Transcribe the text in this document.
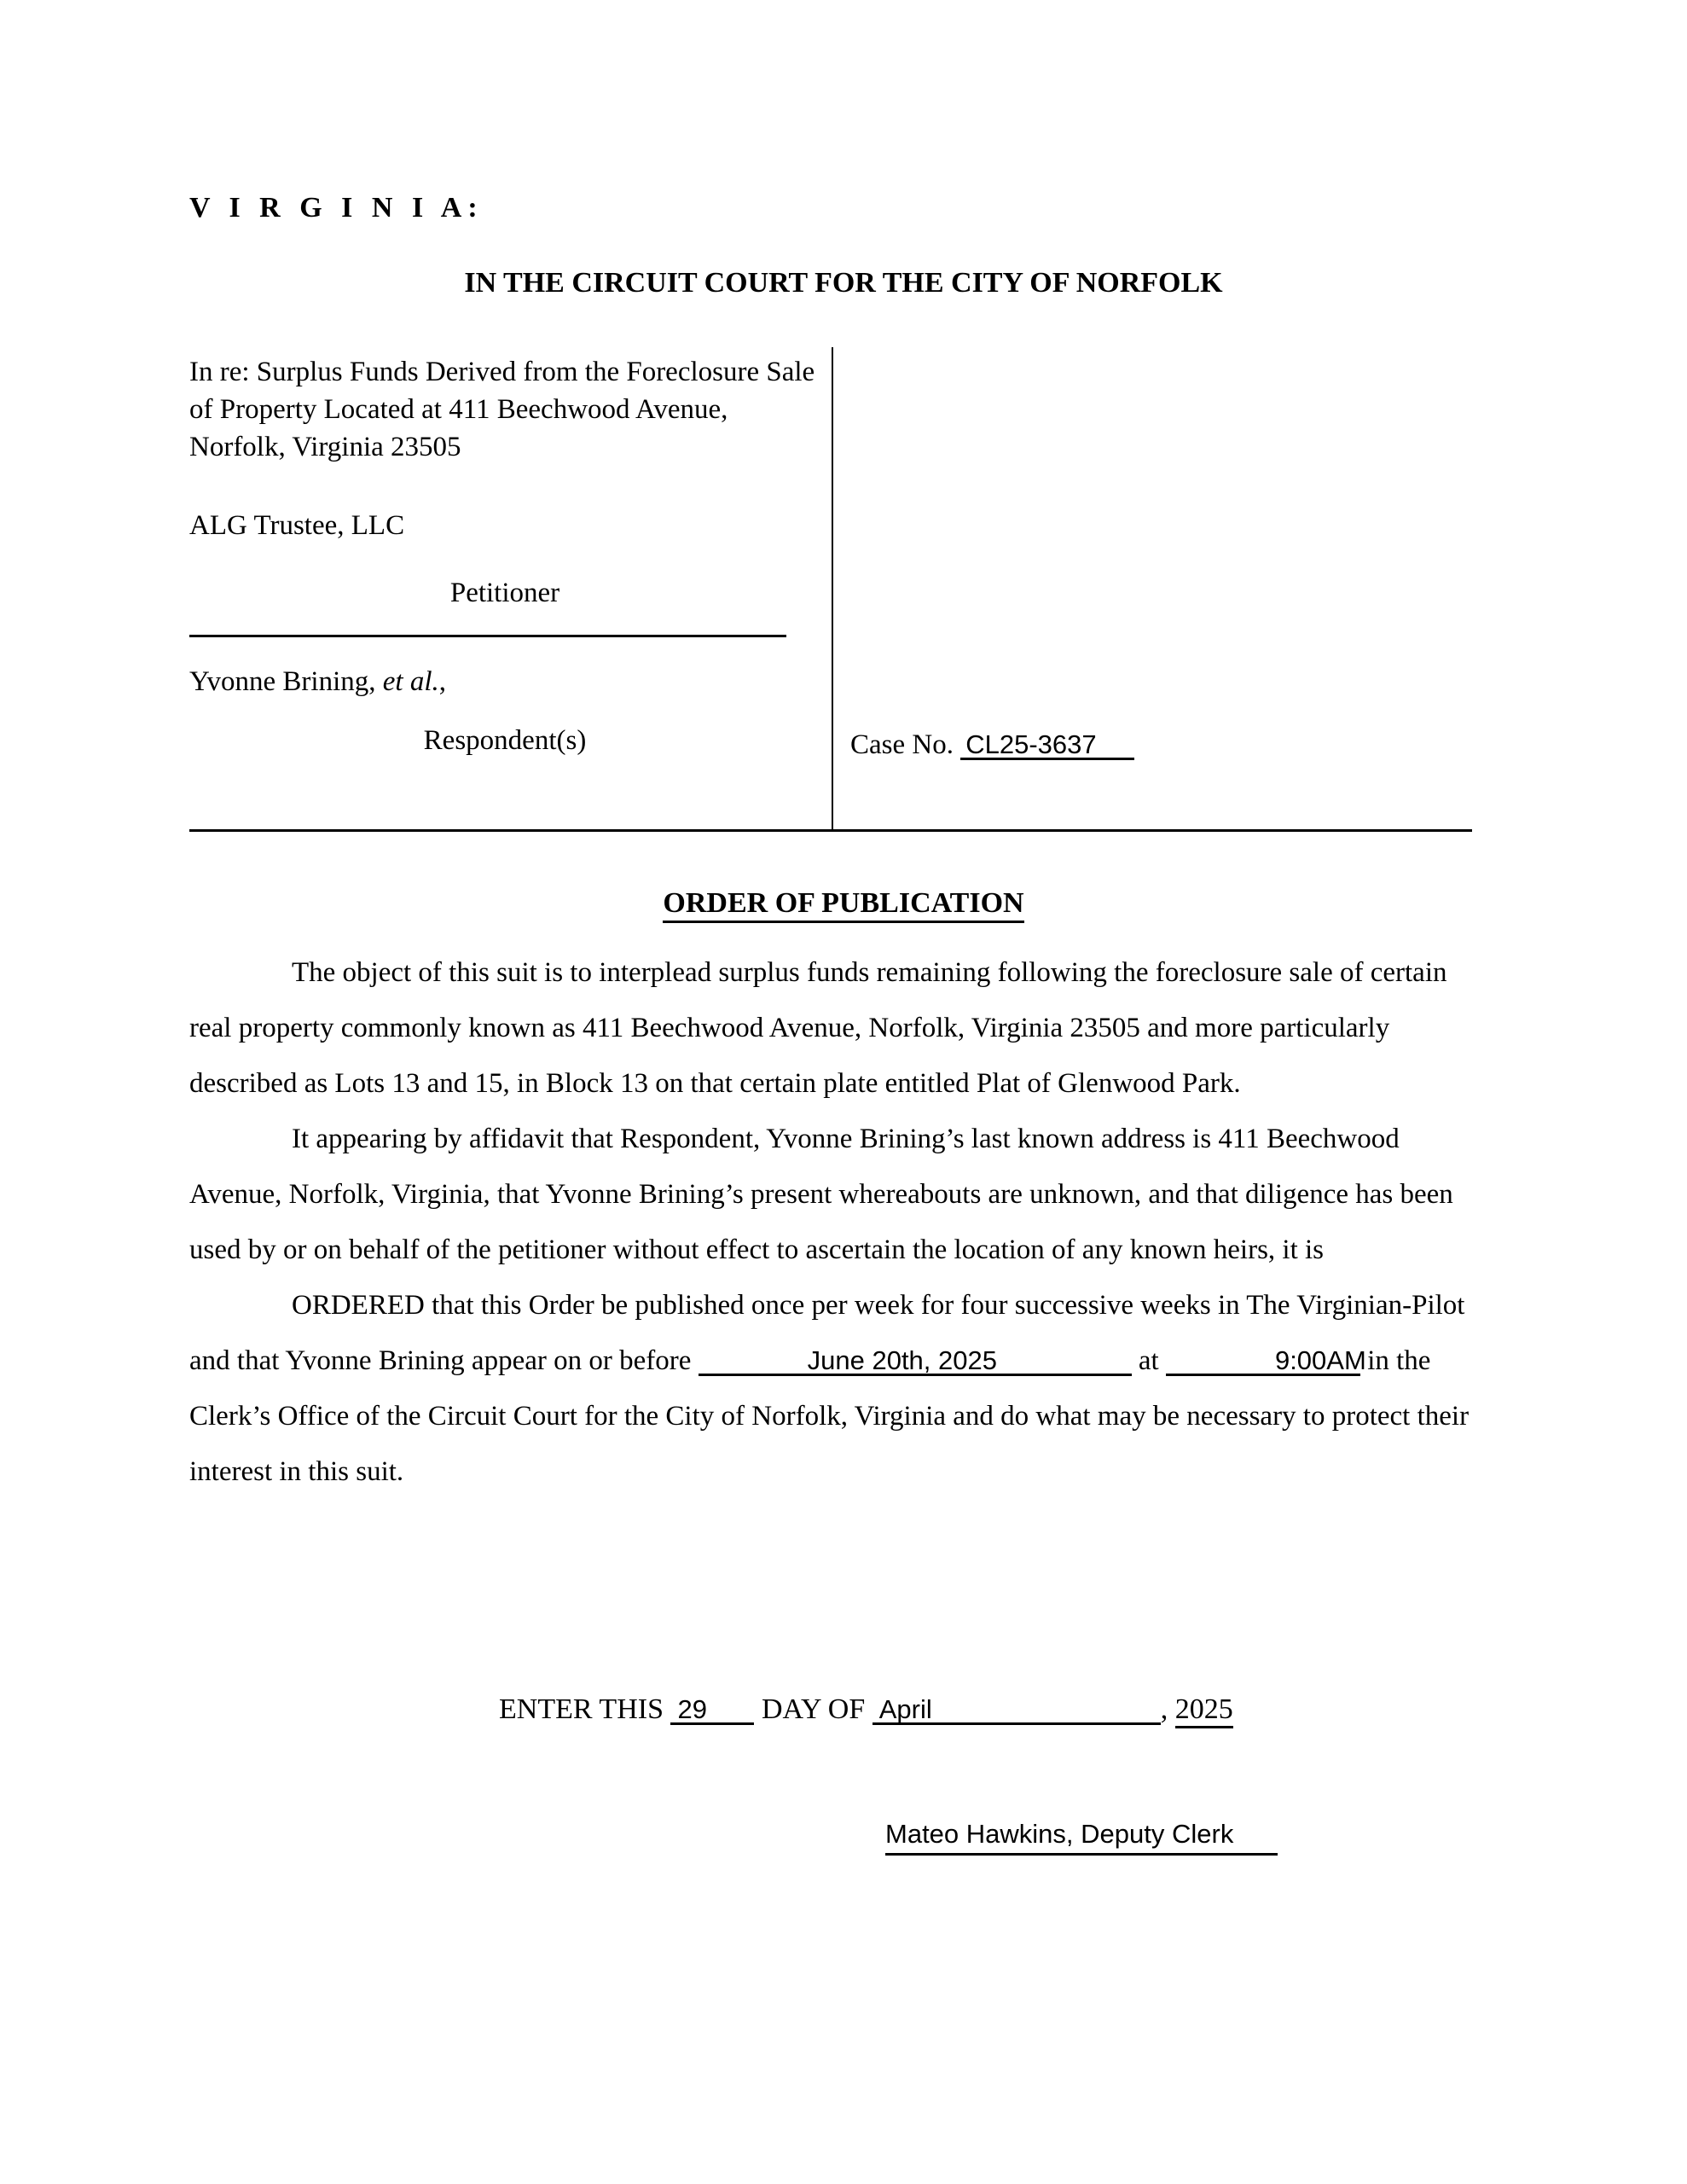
V I R G I N I A:
IN THE CIRCUIT COURT FOR THE CITY OF NORFOLK

In re: Surplus Funds Derived from the Foreclosure Sale of Property Located at 411 Beechwood Avenue, Norfolk, Virginia 23505

ALG Trustee, LLC

Petitioner

Yvonne Brining, et al.,

Respondent(s)	Case No. CL25-3637
ORDER OF PUBLICATION

The object of this suit is to interplead surplus funds remaining following the foreclosure sale of certain real property commonly known as 411 Beechwood Avenue, Norfolk, Virginia 23505 and more particularly described as Lots 13 and 15, in Block 13 on that certain plate entitled Plat of Glenwood Park.

It appearing by affidavit that Respondent, Yvonne Brining’s last known address is 411 Beechwood Avenue, Norfolk, Virginia, that Yvonne Brining’s present whereabouts are unknown, and that diligence has been used by or on behalf of the petitioner without effect to ascertain the location of any known heirs, it is

ORDERED that this Order be published once per week for four successive weeks in The Virginian-Pilot and that Yvonne Brining appear on or before	June 20th, 2025	at	9:00AM in the Clerk’s Office of the Circuit Court for the City of Norfolk, Virginia and do what may be necessary to protect their interest in this suit.

ENTER THIS 29 DAY OF April	, 2025
Mateo Hawkins, Deputy Clerk
